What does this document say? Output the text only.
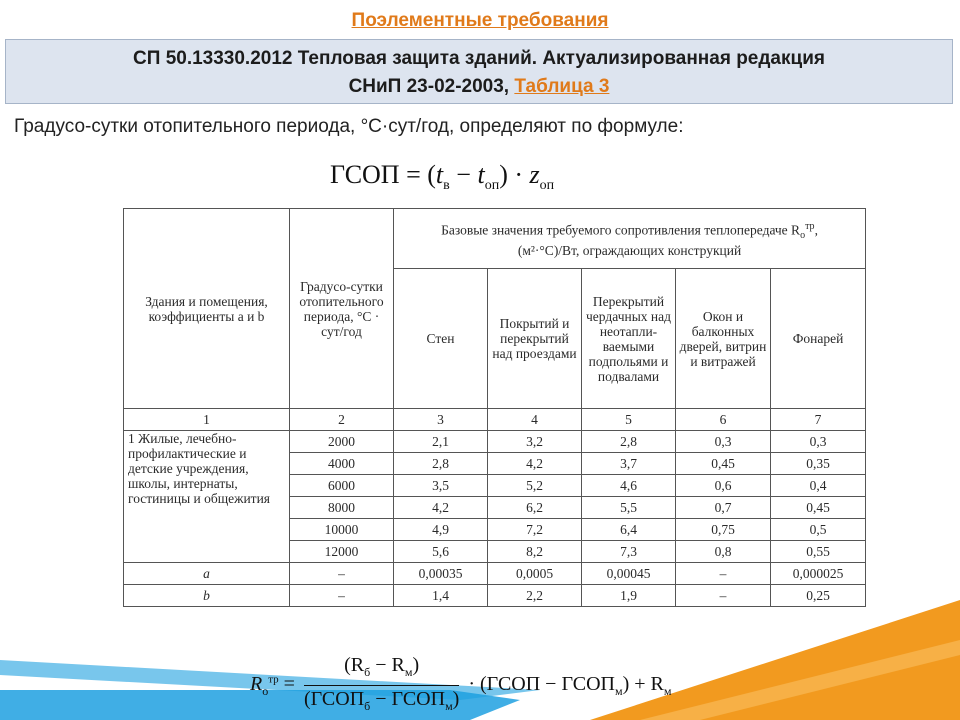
Поэлементные требования
СП 50.13330.2012 Тепловая защита зданий. Актуализированная редакция
СНиП 23-02-2003, Таблица 3
Градусо-сутки отопительного периода, °С·сут/год, определяют по формуле:
ГСОП = $(t_в - t_{оп}) \cdot z_{оп}$
Здания и помещения, коэффициенты a и b	Градусо-сутки отопительного периода, °С · сут/год	Базовые значения требуемого сопротивления теплопередаче $R_о^{тр}$,
(м²·°С)/Вт, ограждающих конструкций				
		Стен	Покрытий и перекрытий над проездами	Перекрытий чердачных над неотапли-ваемыми подпольями и подвалами	Окон и балконных дверей, витрин и витражей	Фонарей
1	2	3	4	5	6	7
1 Жилые, лечебно-профилактические и детские учреждения, школы, интернаты, гостиницы и общежития	2000	2,1	3,2	2,8	0,3	0,3
	4000	2,8	4,2	3,7	0,45	0,35
	6000	3,5	5,2	4,6	0,6	0,4
	8000	4,2	6,2	5,5	0,7	0,45
	10000	4,9	7,2	6,4	0,75	0,5
	12000	5,6	8,2	7,3	0,8	0,55
a	–	0,00035	0,0005	0,00045	–	0,000025
b	–	1,4	2,2	1,9	–	0,25
$R_о^{тр} = \frac{(R_б - R_м)}{(ГСОП_б - ГСОП_м)}$ · (ГСОП − $ГСОП_м) + R_м$
